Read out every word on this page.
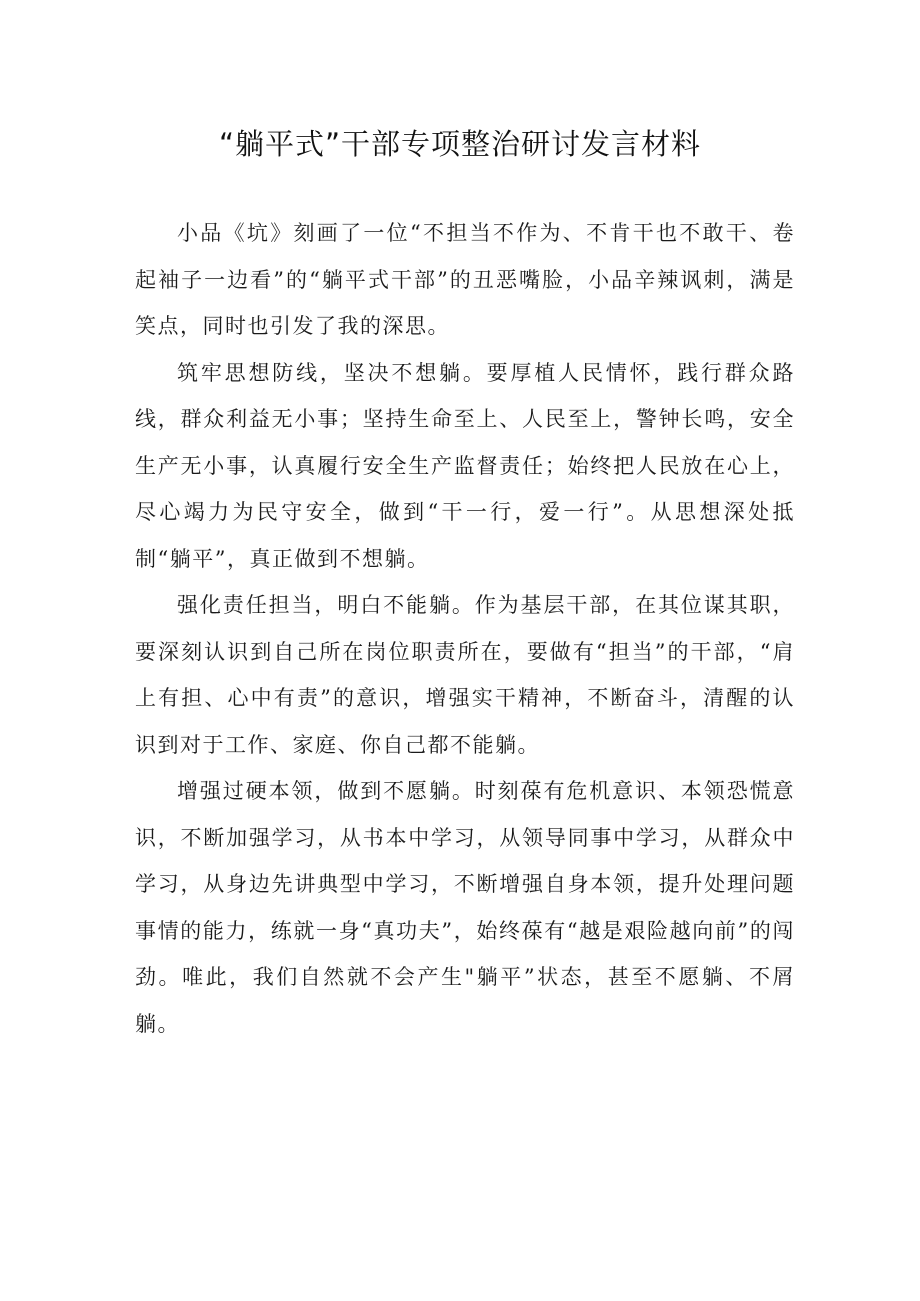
“躺平式”干部专项整治研讨发言材料

小品《坑》刻画了一位“不担当不作为、不肯干也不敢干、卷起袖子一边看”的“躺平式干部”的丑恶嘴脸，小品辛辣讽刺，满是笑点，同时也引发了我的深思。

筑牢思想防线，坚决不想躺。要厚植人民情怀，践行群众路线，群众利益无小事；坚持生命至上、人民至上，警钟长鸣，安全生产无小事，认真履行安全生产监督责任；始终把人民放在心上，尽心竭力为民守安全，做到“干一行，爱一行”。从思想深处抵制“躺平”，真正做到不想躺。

强化责任担当，明白不能躺。作为基层干部，在其位谋其职，要深刻认识到自己所在岗位职责所在，要做有“担当”的干部，“肩上有担、心中有责”的意识，增强实干精神，不断奋斗，清醒的认识到对于工作、家庭、你自己都不能躺。

增强过硬本领，做到不愿躺。时刻葆有危机意识、本领恐慌意识，不断加强学习，从书本中学习，从领导同事中学习，从群众中学习，从身边先讲典型中学习，不断增强自身本领，提升处理问题事情的能力，练就一身“真功夫”，始终葆有“越是艰险越向前”的闯劲。唯此，我们自然就不会产生"躺平”状态，甚至不愿躺、不屑躺。
